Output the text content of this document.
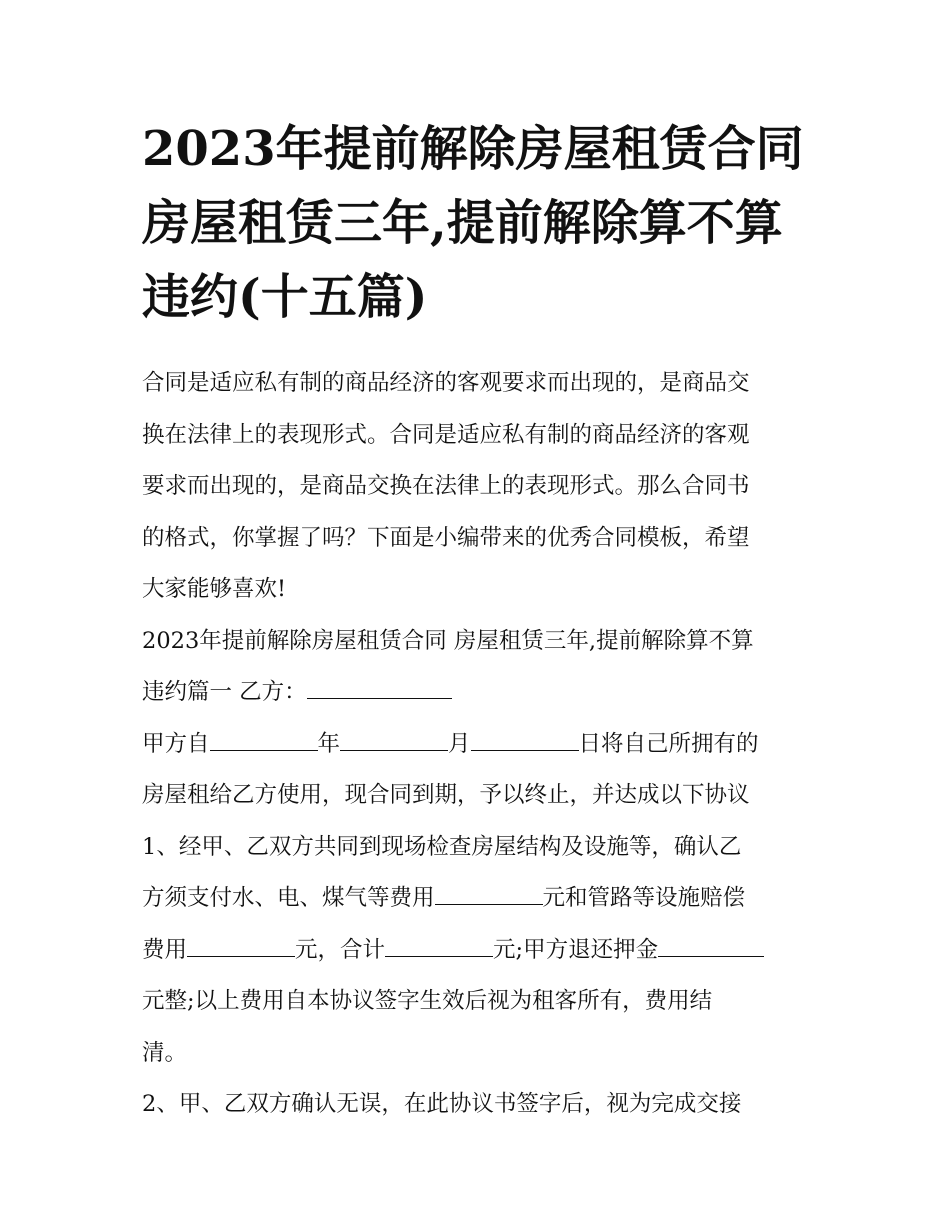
2023年提前解除房屋租赁合同
房屋租赁三年,提前解除算不算
违约(十五篇)
合同是适应私有制的商品经济的客观要求而出现的，是商品交
换在法律上的表现形式。合同是适应私有制的商品经济的客观
要求而出现的，是商品交换在法律上的表现形式。那么合同书
的格式，你掌握了吗？下面是小编带来的优秀合同模板，希望
大家能够喜欢!
2023年提前解除房屋租赁合同 房屋租赁三年,提前解除算不算
违约篇一 乙方：
甲方自	年	月	日将自己所拥有的
房屋租给乙方使用，现合同到期，予以终止，并达成以下协议
1、经甲、乙双方共同到现场检查房屋结构及设施等，确认乙
方须支付水、电、煤气等费用	元和管路等设施赔偿
费用	元，合计	元;甲方退还押金
元整;以上费用自本协议签字生效后视为租客所有，费用结
清。
2、甲、乙双方确认无误，在此协议书签字后，视为完成交接
